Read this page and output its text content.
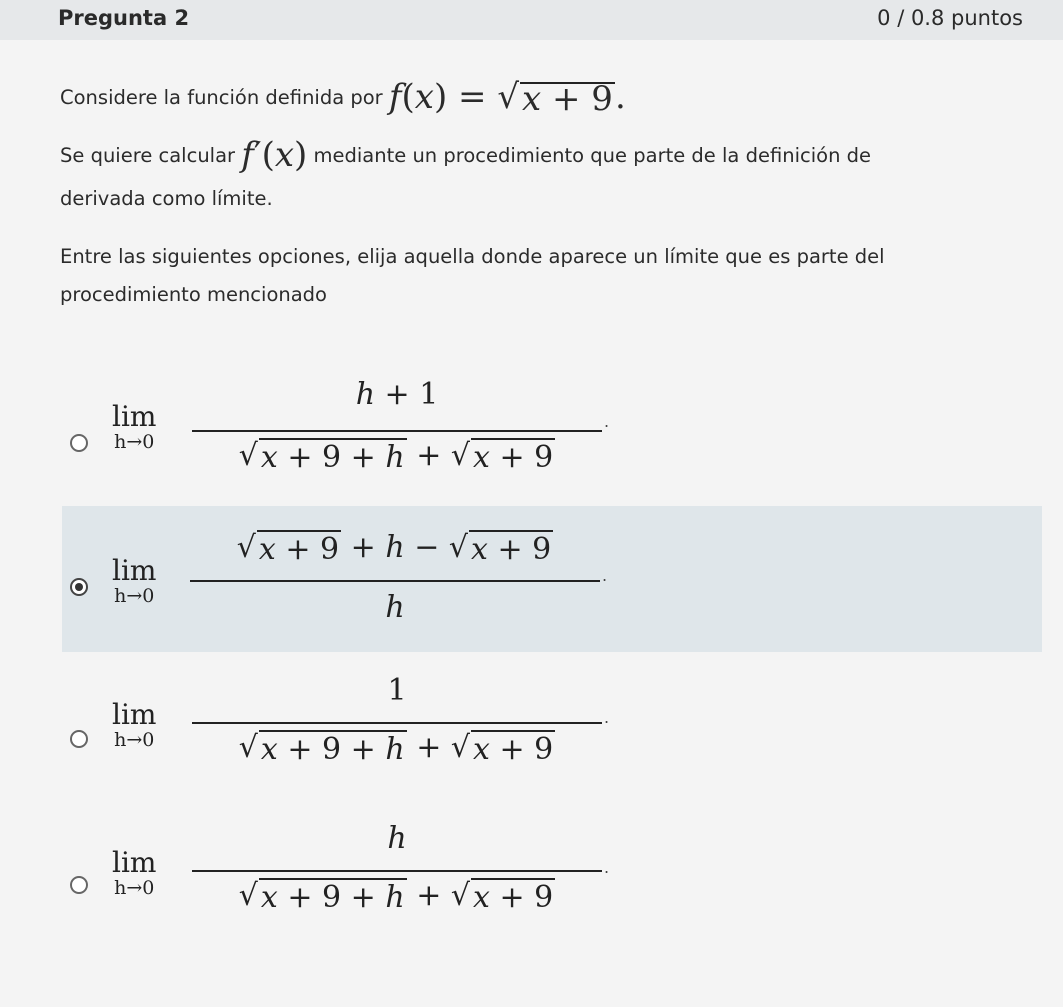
Pregunta 2	0 / 0.8 puntos
Considere la función definida por f(x) = √ x + 9 .
Se quiere calcular f′(x) mediante un procedimiento que parte de la definición de
derivada como límite.
Entre las siguientes opciones, elija aquella donde aparece un límite que es parte del
procedimiento mencionado
lim
h→0
h + 1
√ x + 9 + h + √ x + 9
.
lim
h→0
√ x + 9 + h − √ x + 9
h
.
lim
h→0
1
√ x + 9 + h + √ x + 9
.
lim
h→0
h
√ x + 9 + h + √ x + 9
.
